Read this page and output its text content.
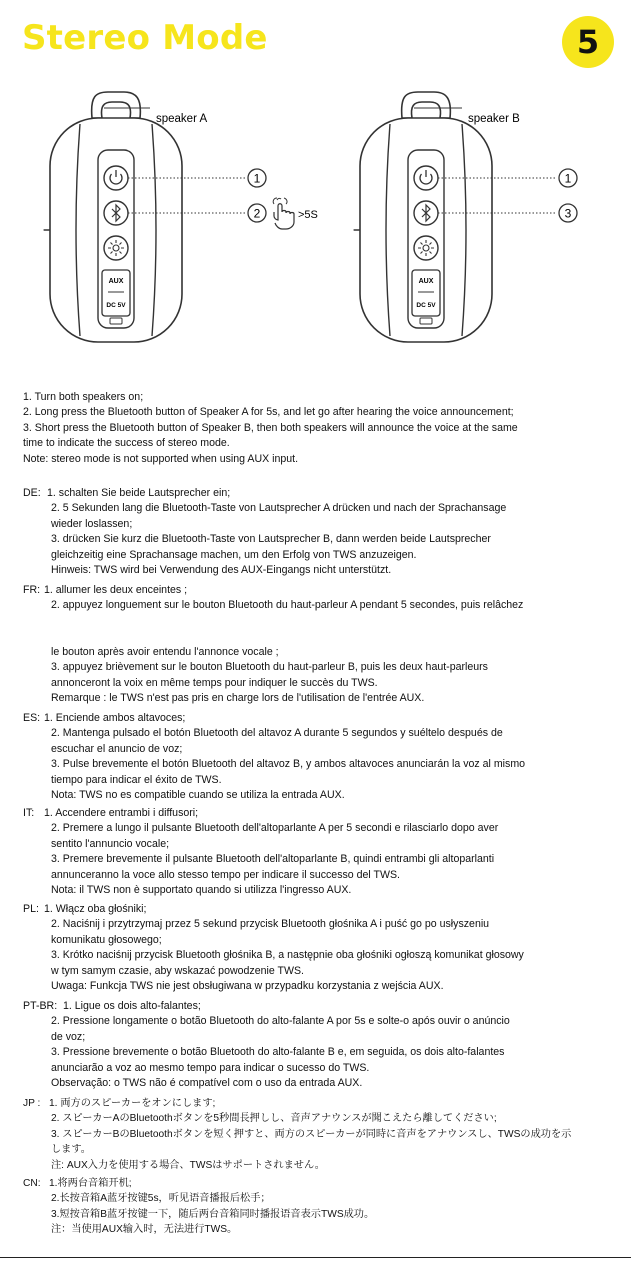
Stereo Mode	5
AUX
DC 5V
speaker A
1
2	>5S
AUX
DC 5V
speaker B
1
3

1. Turn both speakers on;

2. Long press the Bluetooth button of Speaker A for 5s, and let go after hearing the voice announcement;

3. Short press the Bluetooth button of Speaker B, then both speakers will announce the voice at the same

time to indicate the success of stereo mode.

Note: stereo mode is not supported when using AUX input.

DE: 1. schalten Sie beide Lautsprecher ein;

2. 5 Sekunden lang die Bluetooth-Taste von Lautsprecher A drücken und nach der Sprachansage

wieder loslassen;

3. drücken Sie kurz die Bluetooth-Taste von Lautsprecher B, dann werden beide Lautsprecher

gleichzeitig eine Sprachansage machen, um den Erfolg von TWS anzuzeigen.

Hinweis: TWS wird bei Verwendung des AUX-Eingangs nicht unterstützt.

FR: 1. allumer les deux enceintes ;

2. appuyez longuement sur le bouton Bluetooth du haut-parleur A pendant 5 secondes, puis relâchez

le bouton après avoir entendu l'annonce vocale ;

3. appuyez brièvement sur le bouton Bluetooth du haut-parleur B, puis les deux haut-parleurs

annonceront la voix en même temps pour indiquer le succès du TWS.

Remarque : le TWS n'est pas pris en charge lors de l'utilisation de l'entrée AUX.

ES: 1. Enciende ambos altavoces;

2. Mantenga pulsado el botón Bluetooth del altavoz A durante 5 segundos y suéltelo después de

escuchar el anuncio de voz;

3. Pulse brevemente el botón Bluetooth del altavoz B, y ambos altavoces anunciarán la voz al mismo

tiempo para indicar el éxito de TWS.

Nota: TWS no es compatible cuando se utiliza la entrada AUX.

IT: 1. Accendere entrambi i diffusori;

2. Premere a lungo il pulsante Bluetooth dell'altoparlante A per 5 secondi e rilasciarlo dopo aver

sentito l'annuncio vocale;

3. Premere brevemente il pulsante Bluetooth dell'altoparlante B, quindi entrambi gli altoparlanti

annunceranno la voce allo stesso tempo per indicare il successo del TWS.

Nota: il TWS non è supportato quando si utilizza l'ingresso AUX.

PL: 1. Włącz oba głośniki;

2. Naciśnij i przytrzymaj przez 5 sekund przycisk Bluetooth głośnika A i puść go po usłyszeniu

komunikatu głosowego;

3. Krótko naciśnij przycisk Bluetooth głośnika B, a następnie oba głośniki ogłoszą komunikat głosowy

w tym samym czasie, aby wskazać powodzenie TWS.

Uwaga: Funkcja TWS nie jest obsługiwana w przypadku korzystania z wejścia AUX.

PT-BR: 1. Ligue os dois alto-falantes;

2. Pressione longamente o botão Bluetooth do alto-falante A por 5s e solte-o após ouvir o anúncio

de voz;

3. Pressione brevemente o botão Bluetooth do alto-falante B e, em seguida, os dois alto-falantes

anunciarão a voz ao mesmo tempo para indicar o sucesso do TWS.

Observação: o TWS não é compatível com o uso da entrada AUX.

JP : 1. 両方のスピーカーをオンにします;

2. スピーカーAのBluetoothボタンを5秒間長押しし、音声アナウンスが聞こえたら離してください;

3. スピーカーBのBluetoothボタンを短く押すと、両方のスピーカーが同時に音声をアナウンスし、TWSの成功を示

します。

注: AUX入力を使用する場合、TWSはサポートされません。

CN: 1.将两台音箱开机;

2.长按音箱A蓝牙按键5s，听见语音播报后松手；

3.短按音箱B蓝牙按键一下，随后两台音箱同时播报语音表示TWS成功。

注：当使用AUX输入时，无法进行TWS。
